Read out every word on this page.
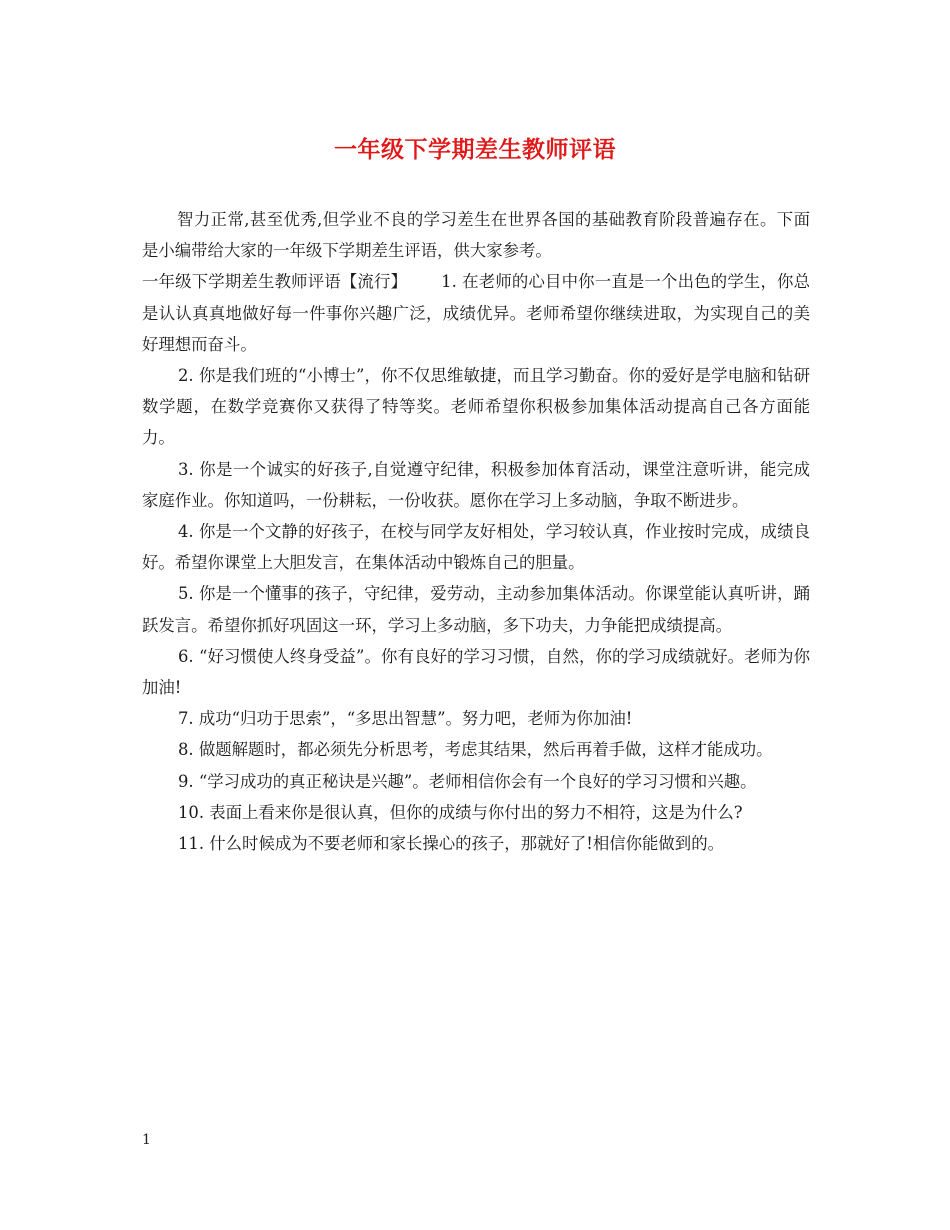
一年级下学期差生教师评语

智力正常,甚至优秀,但学业不良的学习差生在世界各国的基础教育阶段普遍存在。下面是小编带给大家的一年级下学期差生评语，供大家参考。

一年级下学期差生教师评语【流行】 1. 在老师的心目中你一直是一个出色的学生，你总是认认真真地做好每一件事你兴趣广泛，成绩优异。老师希望你继续进取，为实现自己的美好理想而奋斗。

2. 你是我们班的“小博士”，你不仅思维敏捷，而且学习勤奋。你的爱好是学电脑和钻研数学题，在数学竞赛你又获得了特等奖。老师希望你积极参加集体活动提高自己各方面能力。

3. 你是一个诚实的好孩子,自觉遵守纪律，积极参加体育活动，课堂注意听讲，能完成家庭作业。你知道吗，一份耕耘，一份收获。愿你在学习上多动脑，争取不断进步。

4. 你是一个文静的好孩子，在校与同学友好相处，学习较认真，作业按时完成，成绩良好。希望你课堂上大胆发言，在集体活动中锻炼自己的胆量。

5. 你是一个懂事的孩子，守纪律，爱劳动，主动参加集体活动。你课堂能认真听讲，踊跃发言。希望你抓好巩固这一环，学习上多动脑，多下功夫，力争能把成绩提高。

6. “好习惯使人终身受益”。你有良好的学习习惯，自然，你的学习成绩就好。老师为你加油!

7. 成功“归功于思索”，“多思出智慧”。努力吧，老师为你加油!

8. 做题解题时，都必须先分析思考，考虑其结果，然后再着手做，这样才能成功。

9. “学习成功的真正秘诀是兴趣”。老师相信你会有一个良好的学习习惯和兴趣。

10. 表面上看来你是很认真，但你的成绩与你付出的努力不相符，这是为什么?

11. 什么时候成为不要老师和家长操心的孩子，那就好了!相信你能做到的。

1
